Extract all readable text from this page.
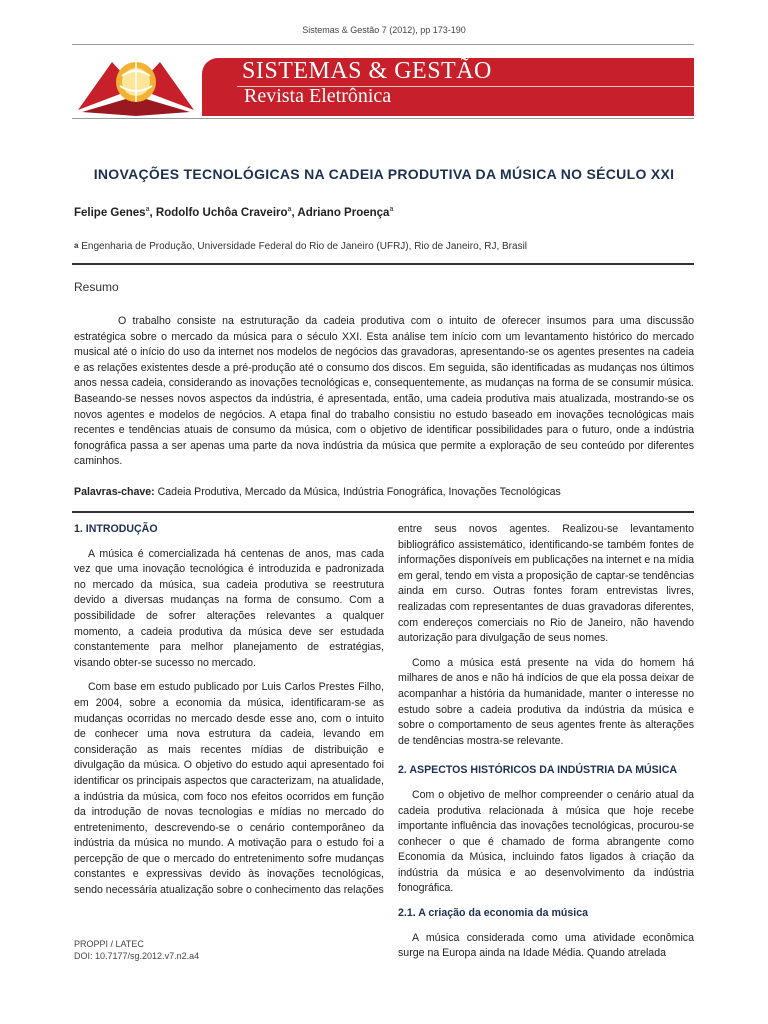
Sistemas & Gestão 7 (2012), pp 173-190
SISTEMAS & GESTÃO
Revista Eletrônica
INOVAÇÕES TECNOLÓGICAS NA CADEIA PRODUTIVA DA MÚSICA NO SÉCULO XXI
Felipe Genes$^a$, Rodolfo Uchôa Craveiro$^a$, Adriano Proença$^a$
$^a$ Engenharia de Produção, Universidade Federal do Rio de Janeiro (UFRJ), Rio de Janeiro, RJ, Brasil
Resumo

O trabalho consiste na estruturação da cadeia produtiva com o intuito de oferecer insumos para uma discussão estratégica sobre o mercado da música para o século XXI. Esta análise tem início com um levantamento histórico do mercado musical até o início do uso da internet nos modelos de negócios das gravadoras, apresentando-se os agentes presentes na cadeia e as relações existentes desde a pré-produção até o consumo dos discos. Em seguida, são identificadas as mudanças nos últimos anos nessa cadeia, considerando as inovações tecnológicas e, consequentemente, as mudanças na forma de se consumir música. Baseando-se nesses novos aspectos da indústria, é apresentada, então, uma cadeia produtiva mais atualizada, mostrando-se os novos agentes e modelos de negócios. A etapa final do trabalho consistiu no estudo baseado em inovações tecnológicas mais recentes e tendências atuais de consumo da música, com o objetivo de identificar possibilidades para o futuro, onde a indústria fonográfica passa a ser apenas uma parte da nova indústria da música que permite a exploração de seu conteúdo por diferentes caminhos.

Palavras-chave: Cadeia Produtiva, Mercado da Música, Indústria Fonográfica, Inovações Tecnológicas
1. INTRODUÇÃO

A música é comercializada há centenas de anos, mas cada vez que uma inovação tecnológica é introduzida e padronizada no mercado da música, sua cadeia produtiva se reestrutura devido a diversas mudanças na forma de consumo. Com a possibilidade de sofrer alterações relevantes a qualquer momento, a cadeia produtiva da música deve ser estudada constantemente para melhor planejamento de estratégias, visando obter-se sucesso no mercado.

Com base em estudo publicado por Luis Carlos Prestes Filho, em 2004, sobre a economia da música, identificaram-se as mudanças ocorridas no mercado desde esse ano, com o intuito de conhecer uma nova estrutura da cadeia, levando em consideração as mais recentes mídias de distribuição e divulgação da música. O objetivo do estudo aqui apresentado foi identificar os principais aspectos que caracterizam, na atualidade, a indústria da música, com foco nos efeitos ocorridos em função da introdução de novas tecnologias e mídias no mercado do entretenimento, descrevendo-se o cenário contemporâneo da indústria da música no mundo. A motivação para o estudo foi a percepção de que o mercado do entretenimento sofre mudanças constantes e expressivas devido às inovações tecnológicas, sendo necessária atualização sobre o conhecimento das relações

entre seus novos agentes. Realizou-se levantamento bibliográfico assistemático, identificando-se também fontes de informações disponíveis em publicações na internet e na mídia em geral, tendo em vista a proposição de captar-se tendências ainda em curso. Outras fontes foram entrevistas livres, realizadas com representantes de duas gravadoras diferentes, com endereços comerciais no Rio de Janeiro, não havendo autorização para divulgação de seus nomes.

Como a música está presente na vida do homem há milhares de anos e não há indícios de que ela possa deixar de acompanhar a história da humanidade, manter o interesse no estudo sobre a cadeia produtiva da indústria da música e sobre o comportamento de seus agentes frente às alterações de tendências mostra-se relevante.

2. ASPECTOS HISTÓRICOS DA INDÚSTRIA DA MÚSICA

Com o objetivo de melhor compreender o cenário atual da cadeia produtiva relacionada à música que hoje recebe importante influência das inovações tecnológicas, procurou-se conhecer o que é chamado de forma abrangente como Economia da Música, incluindo fatos ligados à criação da indústria da música e ao desenvolvimento da indústria fonográfica.

2.1. A criação da economia da música

A música considerada como uma atividade econômica surge na Europa ainda na Idade Média. Quando atrelada

PROPPI / LATEC
DOI: 10.7177/sg.2012.v7.n2.a4
